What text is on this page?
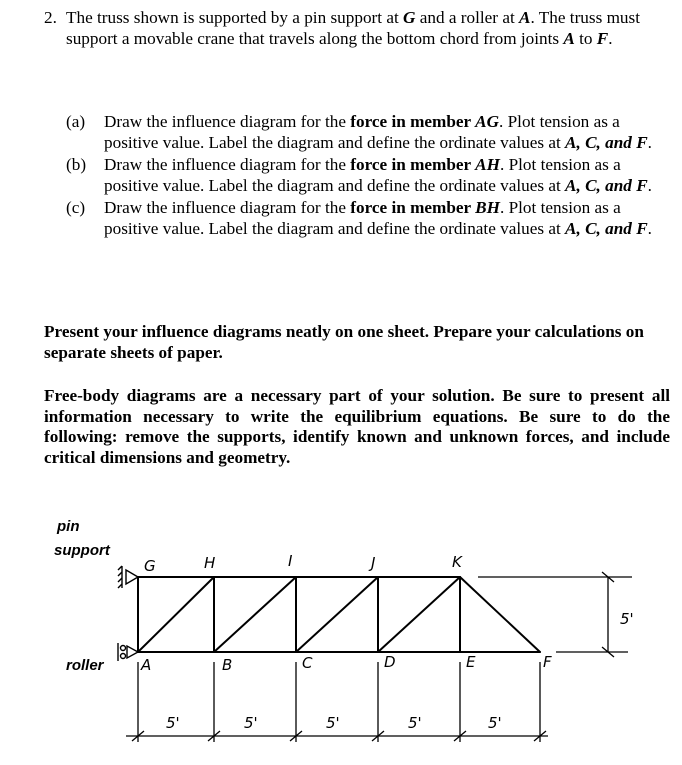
2. The truss shown is supported by a pin support at G and a roller at A. The truss must support a movable crane that travels along the bottom chord from joints A to F.
(a) Draw the influence diagram for the force in member AG. Plot tension as a positive value. Label the diagram and define the ordinate values at A, C, and F.
(b) Draw the influence diagram for the force in member AH. Plot tension as a positive value. Label the diagram and define the ordinate values at A, C, and F.
(c) Draw the influence diagram for the force in member BH. Plot tension as a positive value. Label the diagram and define the ordinate values at A, C, and F.
Present your influence diagrams neatly on one sheet. Prepare your calculations on separate sheets of paper.
Free-body diagrams are a necessary part of your solution. Be sure to present all information necessary to write the equilibrium equations. Be sure to do the following: remove the supports, identify known and unknown forces, and include critical dimensions and geometry.
pin
support
roller
G	H	I	J	K
A	B	C	D	E	F
5'
5'	5'	5'	5'	5'
